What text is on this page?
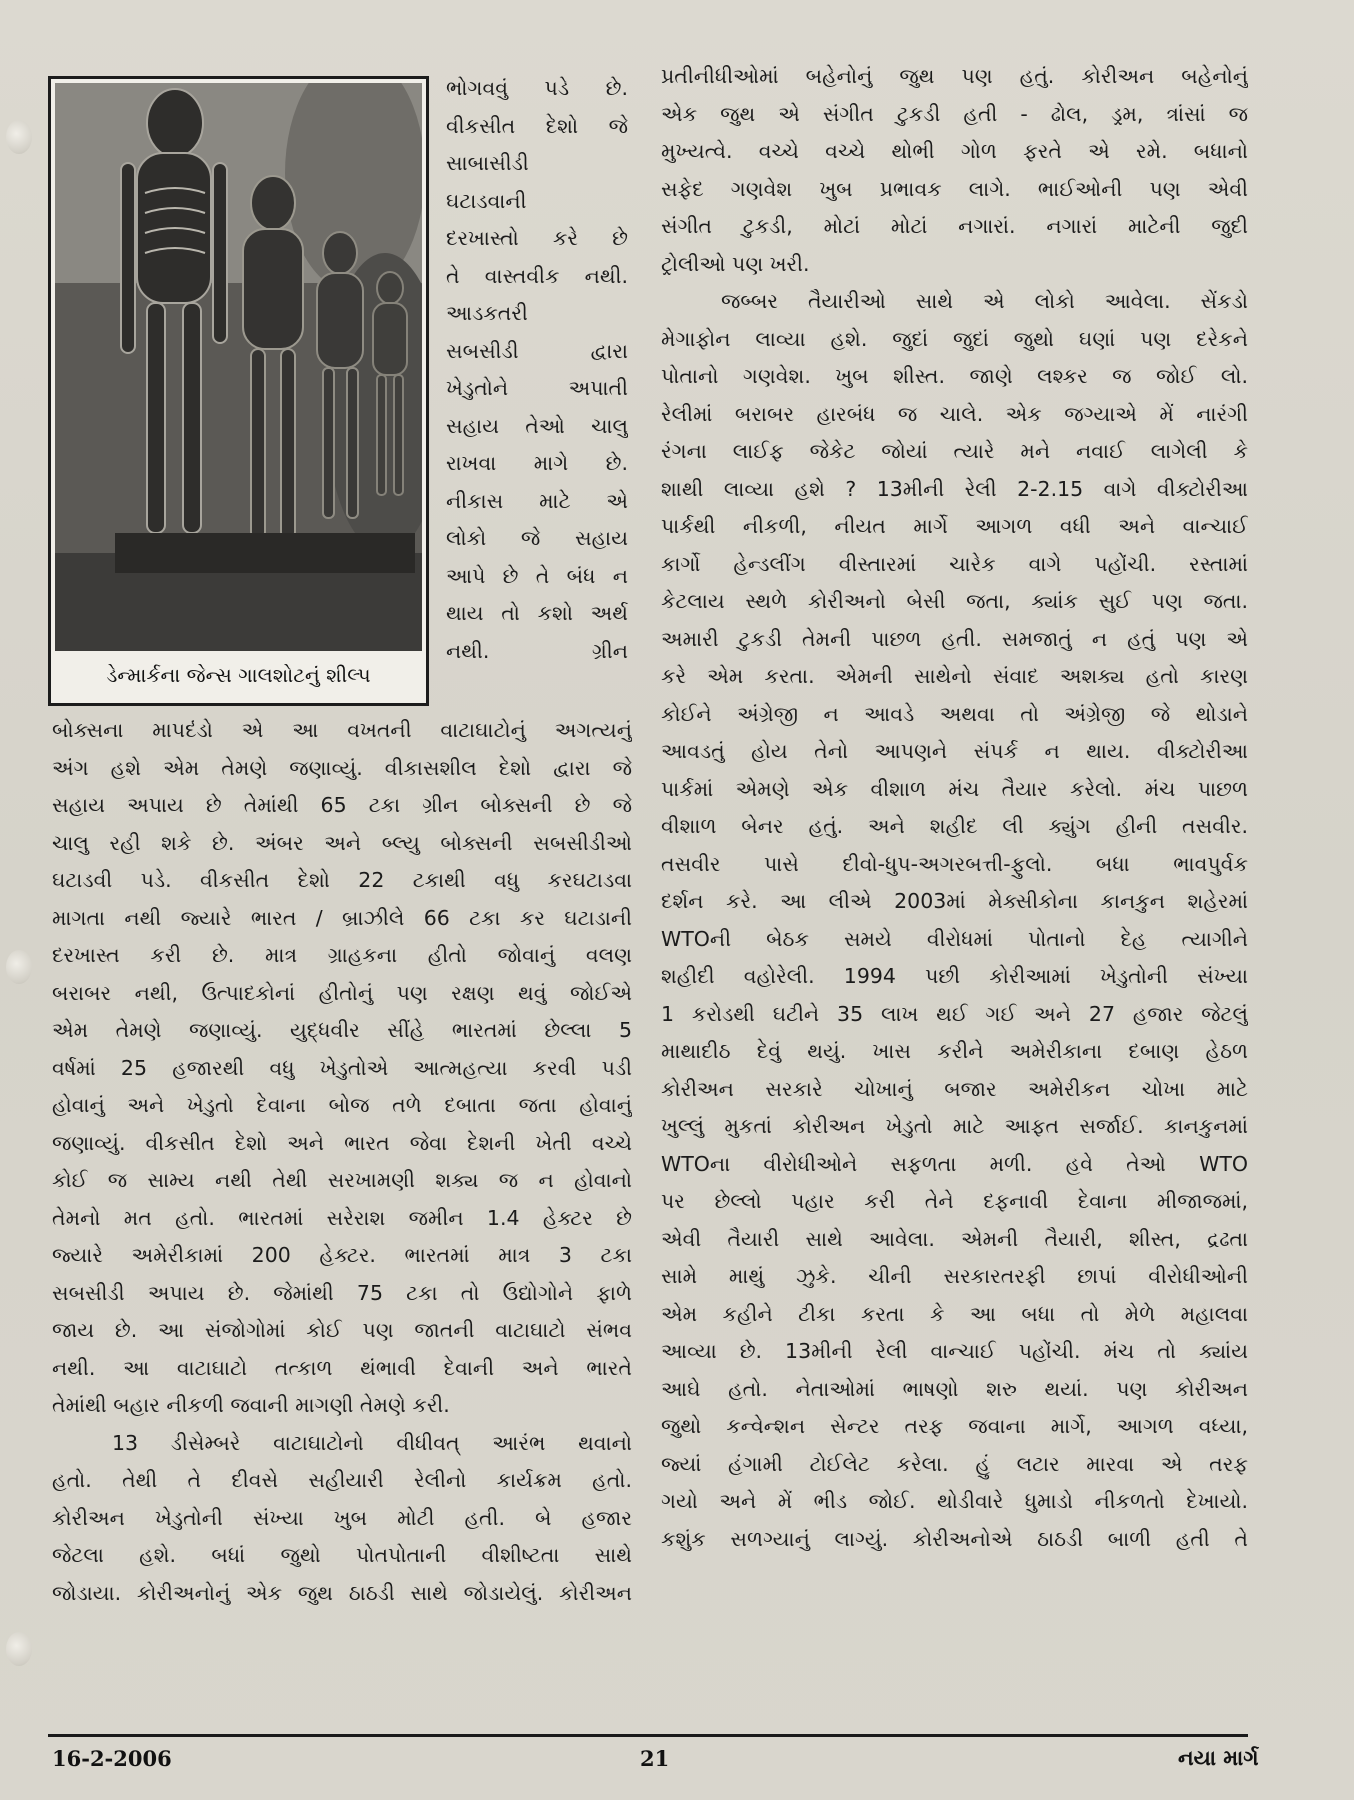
ડેન્માર્કના જેન્સ ગાલશોટનું શીલ્પ
ભોગવવું પડે છે.
વીકસીત દેશો જે
સાબાસીડી
ઘટાડવાની
દરખાસ્તો કરે છે
તે વાસ્તવીક નથી.
આડકતરી
સબસીડી દ્વારા
ખેડુતોને અપાતી
સહાય તેઓ ચાલુ
રાખવા માગે છે.
નીકાસ માટે એ
લોકો જે સહાય
આપે છે તે બંધ ન
થાય તો કશો અર્થ
નથી. ગ્રીન
બોક્સના માપદંડો એ આ વખતની વાટાઘાટોનું અગત્યનું
અંગ હશે એમ તેમણે જણાવ્યું. વીકાસશીલ દેશો દ્વારા જે
સહાય અપાય છે તેમાંથી 65 ટકા ગ્રીન બોક્સની છે જે
ચાલુ રહી શકે છે. અંબર અને બ્લ્યુ બોક્સની સબસીડીઓ
ઘટાડવી પડે. વીકસીત દેશો 22 ટકાથી વધુ કરઘટાડવા
માગતા નથી જ્યારે ભારત / બ્રાઝીલે 66 ટકા કર ઘટાડાની
દરખાસ્ત કરી છે. માત્ર ગ્રાહકના હીતો જોવાનું વલણ
બરાબર નથી, ઉત્પાદકોનાં હીતોનું પણ રક્ષણ થવું જોઈએ
એમ તેમણે જણાવ્યું. યુદ્ધવીર સીંહે ભારતમાં છેલ્લા 5
વર્ષમાં 25 હજારથી વધુ ખેડુતોએ આત્મહત્યા કરવી પડી
હોવાનું અને ખેડુતો દેવાના બોજ તળે દબાતા જતા હોવાનું
જણાવ્યું. વીકસીત દેશો અને ભારત જેવા દેશની ખેતી વચ્ચે
કોઈ જ સામ્ય નથી તેથી સરખામણી શક્ય જ ન હોવાનો
તેમનો મત હતો. ભારતમાં સરેરાશ જમીન 1.4 હેક્ટર છે
જ્યારે અમેરીકામાં 200 હેક્ટર. ભારતમાં માત્ર 3 ટકા
સબસીડી અપાય છે. જેમાંથી 75 ટકા તો ઉદ્યોગોને ફાળે
જાય છે. આ સંજોગોમાં કોઈ પણ જાતની વાટાઘાટો સંભવ
નથી. આ વાટાઘાટો તત્કાળ થંભાવી દેવાની અને ભારતે
તેમાંથી બહાર નીકળી જવાની માગણી તેમણે કરી.
13 ડીસેમ્બરે વાટાઘાટોનો વીધીવત્ આરંભ થવાનો
હતો. તેથી તે દીવસે સહીયારી રેલીનો કાર્યક્રમ હતો.
કોરીઅન ખેડુતોની સંખ્યા ખુબ મોટી હતી. બે હજાર
જેટલા હશે. બધાં જુથો પોતપોતાની વીશીષ્ટતા સાથે
જોડાયા. કોરીઅનોનું એક જુથ ઠાઠડી સાથે જોડાયેલું. કોરીઅન
પ્રતીનીધીઓમાં બહેનોનું જુથ પણ હતું. કોરીઅન બહેનોનું
એક જુથ એ સંગીત ટુકડી હતી - ઢોલ, ડ્રમ, ત્રાંસાં જ
મુખ્યત્વે. વચ્ચે વચ્ચે થોભી ગોળ ફરતે એ રમે. બધાનો
સફેદ ગણવેશ ખુબ પ્રભાવક લાગે. ભાઈઓની પણ એવી
સંગીત ટુકડી, મોટાં મોટાં નગારાં. નગારાં માટેની જુદી
ટ્રોલીઓ પણ ખરી.
જબ્બર તૈયારીઓ સાથે એ લોકો આવેલા. સેંકડો
મેગાફોન લાવ્યા હશે. જુદાં જુદાં જુથો ઘણાં પણ દરેકને
પોતાનો ગણવેશ. ખુબ શીસ્ત. જાણે લશ્કર જ જોઈ લો.
રેલીમાં બરાબર હારબંધ જ ચાલે. એક જગ્યાએ મેં નારંગી
રંગના લાઈફ જેકેટ જોયાં ત્યારે મને નવાઈ લાગેલી કે
શાથી લાવ્યા હશે ? 13મીની રેલી 2-2.15 વાગે વીક્ટોરીઆ
પાર્કથી નીકળી, નીયત માર્ગે આગળ વધી અને વાન્ચાઈ
કાર્ગો હેન્ડલીંગ વીસ્તારમાં ચારેક વાગે પહોંચી. રસ્તામાં
કેટલાય સ્થળે કોરીઅનો બેસી જતા, ક્યાંક સુઈ પણ જતા.
અમારી ટુકડી તેમની પાછળ હતી. સમજાતું ન હતું પણ એ
કરે એમ કરતા. એમની સાથેનો સંવાદ અશક્ય હતો કારણ
કોઈને અંગ્રેજી ન આવડે અથવા તો અંગ્રેજી જે થોડાને
આવડતું હોય તેનો આપણને સંપર્ક ન થાય. વીક્ટોરીઆ
પાર્કમાં એમણે એક વીશાળ મંચ તૈયાર કરેલો. મંચ પાછળ
વીશાળ બેનર હતું. અને શહીદ લી ક્યુંગ હીની તસવીર.
તસવીર પાસે દીવો-ધુપ-અગરબત્તી-ફુલો. બધા ભાવપુર્વક
દર્શન કરે. આ લીએ 2003માં મેક્સીકોના કાનકુન શહેરમાં
WTOની બેઠક સમયે વીરોધમાં પોતાનો દેહ ત્યાગીને
શહીદી વહોરેલી. 1994 પછી કોરીઆમાં ખેડુતોની સંખ્યા
1 કરોડથી ઘટીને 35 લાખ થઈ ગઈ અને 27 હજાર જેટલું
માથાદીઠ દેવું થયું. ખાસ કરીને અમેરીકાના દબાણ હેઠળ
કોરીઅન સરકારે ચોખાનું બજાર અમેરીકન ચોખા માટે
ખુલ્લું મુકતાં કોરીઅન ખેડુતો માટે આફત સર્જાઈ. કાનકુનમાં
WTOના વીરોધીઓને સફળતા મળી. હવે તેઓ WTO
પર છેલ્લો પહાર કરી તેને દફનાવી દેવાના મીજાજમાં,
એવી તૈયારી સાથે આવેલા. એમની તૈયારી, શીસ્ત, દ્રઢતા
સામે માથું ઝુકે. ચીની સરકારતરફી છાપાં વીરોધીઓની
એમ કહીને ટીકા કરતા કે આ બધા તો મેળે મહાલવા
આવ્યા છે. 13મીની રેલી વાન્ચાઈ પહોંચી. મંચ તો ક્યાંય
આઘે હતો. નેતાઓમાં ભાષણો શરુ થયાં. પણ કોરીઅન
જુથો કન્વેન્શન સેન્ટર તરફ જવાના માર્ગે, આગળ વધ્યા,
જ્યાં હંગામી ટોઈલેટ કરેલા. હું લટાર મારવા એ તરફ
ગયો અને મેં ભીડ જોઈ. થોડીવારે ધુમાડો નીકળતો દેખાયો.
કશુંક સળગ્યાનું લાગ્યું. કોરીઅનોએ ઠાઠડી બાળી હતી તે
16-2-2006	21	નયા માર્ગ
